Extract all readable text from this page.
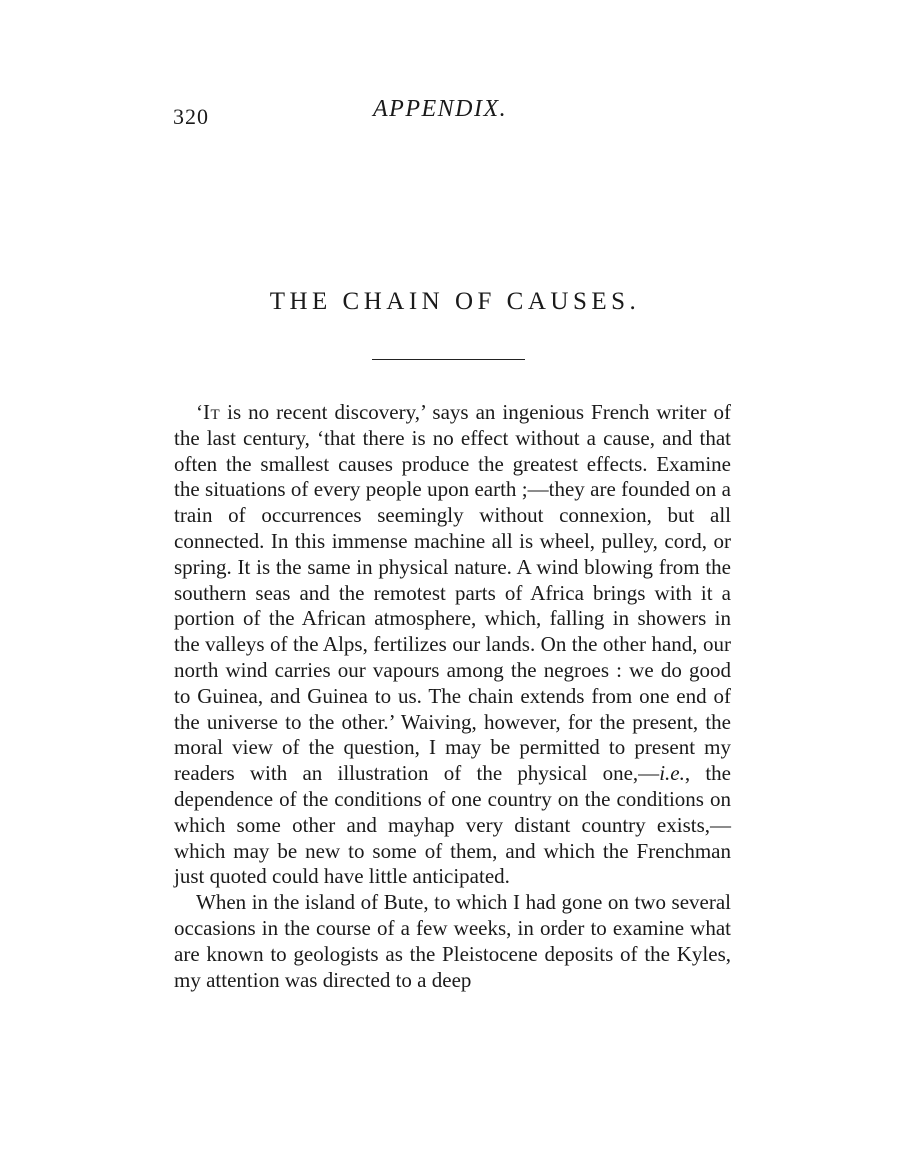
320	APPENDIX.
THE CHAIN OF CAUSES.

‘It is no recent discovery,’ says an ingenious French writer of the last century, ‘that there is no effect without a cause, and that often the smallest causes produce the greatest effects. Examine the situations of every people upon earth ;—they are founded on a train of occurrences seemingly without connexion, but all connected. In this immense machine all is wheel, pulley, cord, or spring. It is the same in physical nature. A wind blowing from the southern seas and the remotest parts of Africa brings with it a portion of the African atmosphere, which, falling in showers in the valleys of the Alps, fertilizes our lands. On the other hand, our north wind carries our vapours among the negroes : we do good to Guinea, and Guinea to us. The chain extends from one end of the universe to the other.’ Waiving, however, for the present, the moral view of the question, I may be permitted to present my readers with an illustration of the physical one,—i.e., the dependence of the conditions of one country on the conditions on which some other and mayhap very distant country exists,—which may be new to some of them, and which the Frenchman just quoted could have little anticipated.

When in the island of Bute, to which I had gone on two several occasions in the course of a few weeks, in order to examine what are known to geologists as the Pleistocene deposits of the Kyles, my attention was directed to a deep
